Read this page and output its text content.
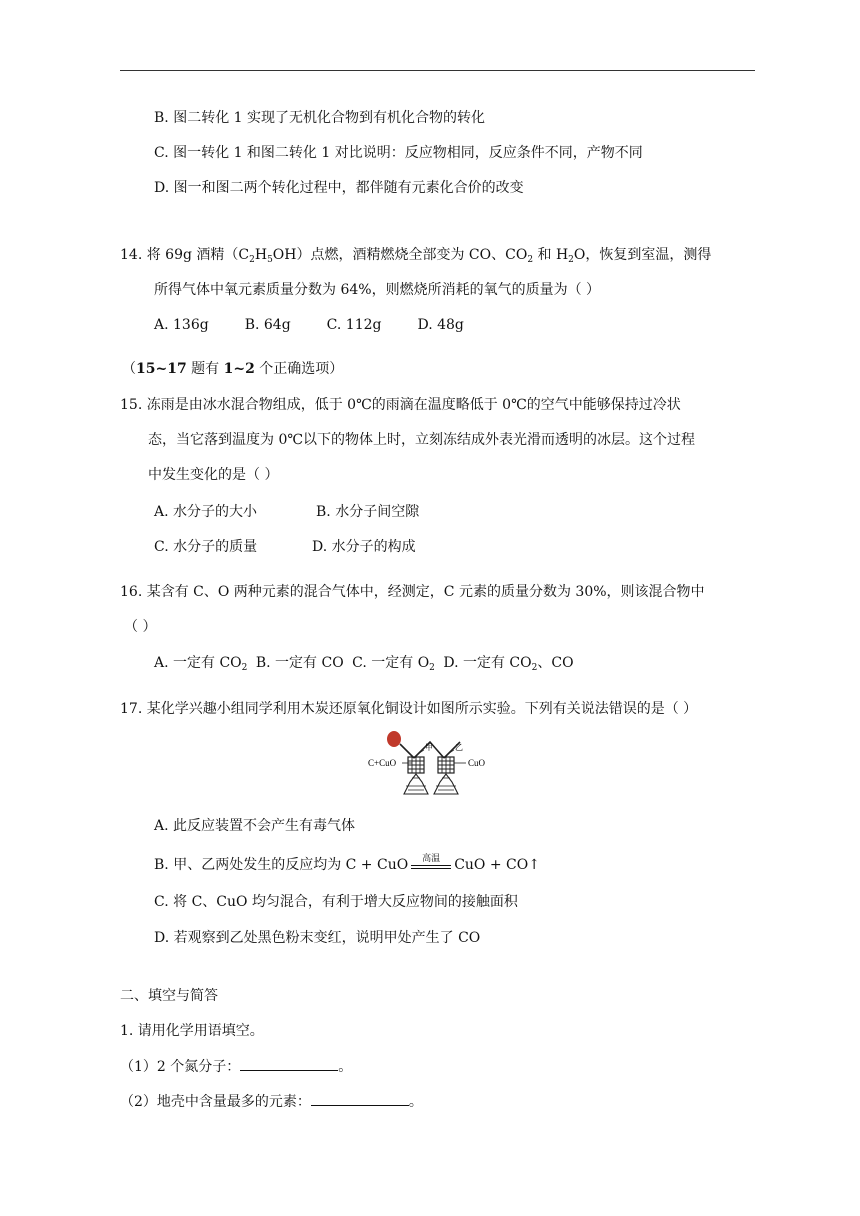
B. 图二转化 1 实现了无机化合物到有机化合物的转化
C. 图一转化 1 和图二转化 1 对比说明：反应物相同，反应条件不同，产物不同
D. 图一和图二两个转化过程中，都伴随有元素化合价的改变
14. 将 69g 酒精$(C_2H_5OH)$点燃，酒精燃烧全部变为 CO、$CO_2$ 和 $H_2O$，恢复到室温，测得
所得气体中氧元素质量分数为 64%，则燃烧所消耗的氧气的质量为（ ）
A. 136g	B. 64g	C. 112g	D. 48g
（15~17 题有 1~2 个正确选项）
15. 冻雨是由冰水混合物组成，低于 0℃的雨滴在温度略低于 0℃的空气中能够保持过冷状
态，当它落到温度为 0℃以下的物体上时，立刻冻结成外表光滑而透明的冰层。这个过程
中发生变化的是（ ）
A. 水分子的大小	B. 水分子间空隙
C. 水分子的质量	D. 水分子的构成
16. 某含有 C、O 两种元素的混合气体中，经测定，C 元素的质量分数为 30%，则该混合物中
（ ）
A. 一定有 $CO_2$ B. 一定有 CO C. 一定有 $O_2$ D. 一定有 $CO_2$、CO
17. 某化学兴趣小组同学利用木炭还原氧化铜设计如图所示实验。下列有关说法错误的是（ ）
C+CuO	CuO
甲	乙
A. 此反应装置不会产生有毒气体
B. 甲、乙两处发生的反应均为 C + CuO	高温	CuO + CO↑
C. 将 C、CuO 均匀混合，有利于增大反应物间的接触面积
D. 若观察到乙处黑色粉末变红，说明甲处产生了 CO
二、填空与简答
1. 请用化学用语填空。
（1）2 个氮分子：	。
（2）地壳中含量最多的元素：	。
